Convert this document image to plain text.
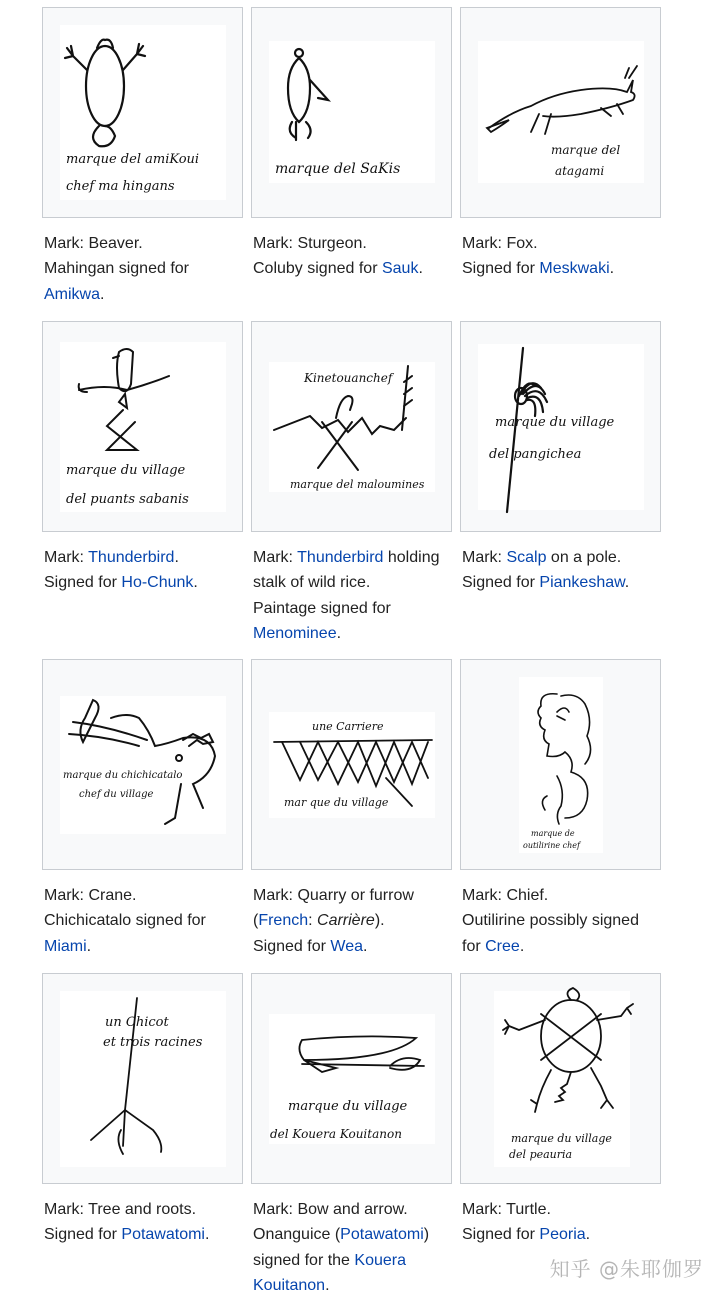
marque del amiKoui
chef ma hingans
Mark: Beaver.
Mahingan signed for
Amikwa.
marque del SaKis
Mark: Sturgeon.
Coluby signed for Sauk.
marque del
atagami
Mark: Fox.
Signed for Meskwaki.
marque du village
del puants sabanis
Mark: Thunderbird.
Signed for Ho-Chunk.
Kinetouanchef
marque del maloumines
Mark: Thunderbird holding
stalk of wild rice.
Paintage signed for
Menominee.
marque du village
del pangichea
Mark: Scalp on a pole.
Signed for Piankeshaw.
marque du chichicatalo
chef du village
Mark: Crane.
Chichicatalo signed for
Miami.
une Carriere
mar que du village
Mark: Quarry or furrow
(French: Carrière).
Signed for Wea.
marque de
outilirine chef
Mark: Chief.
Outilirine possibly signed
for Cree.
un Chicot
et trois racines
Mark: Tree and roots.
Signed for Potawatomi.
marque du village
del Kouera Kouitanon
Mark: Bow and arrow.
Onanguice (Potawatomi)
signed for the Kouera
Kouitanon.
marque du village
del peauria
Mark: Turtle.
Signed for Peoria.
知乎 @朱耶伽罗
